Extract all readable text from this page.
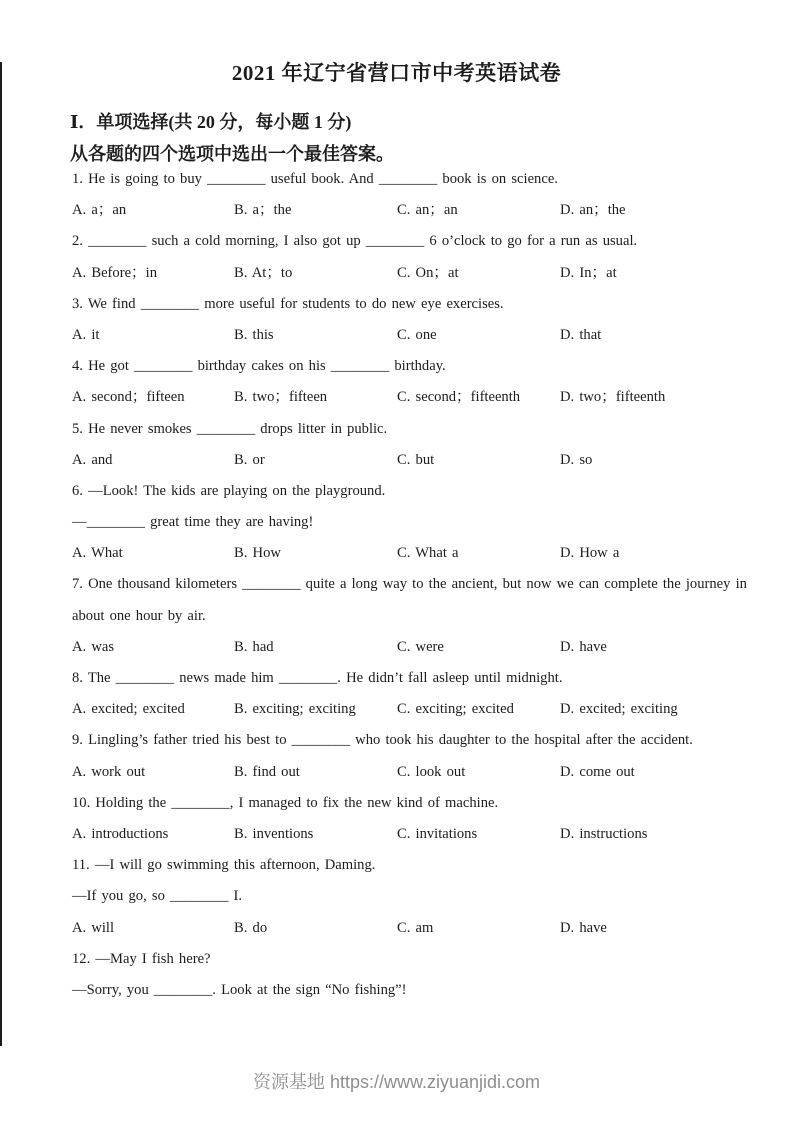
2021 年辽宁省营口市中考英语试卷
Ⅰ．单项选择(共 20 分，每小题 1 分)
从各题的四个选项中选出一个最佳答案。
1. He is going to buy ________ useful book. And ________ book is on science.
A. a；an	B. a；the	C. an；an	D. an；the
2. ________ such a cold morning, I also got up ________ 6 o’clock to go for a run as usual.
A. Before；in	B. At；to	C. On；at	D. In；at
3. We find ________ more useful for students to do new eye exercises.
A. it	B. this	C. one	D. that
4. He got ________ birthday cakes on his ________ birthday.
A. second；fifteen	B. two；fifteen	C. second；fifteenth	D. two；fifteenth
5. He never smokes ________ drops litter in public.
A. and	B. or	C. but	D. so
6. —Look! The kids are playing on the playground.
—________ great time they are having!
A. What	B. How	C. What a	D. How a
7. One thousand kilometers ________ quite a long way to the ancient, but now we can complete the journey in
about one hour by air.
A. was	B. had	C. were	D. have
8. The ________ news made him ________. He didn’t fall asleep until midnight.
A. excited; excited	B. exciting; exciting	C. exciting; excited	D. excited; exciting
9. Lingling’s father tried his best to ________ who took his daughter to the hospital after the accident.
A. work out	B. find out	C. look out	D. come out
10. Holding the ________, I managed to fix the new kind of machine.
A. introductions	B. inventions	C. invitations	D. instructions
11. —I will go swimming this afternoon, Daming.
—If you go, so ________ I.
A. will	B. do	C. am	D. have
12. —May I fish here?
—Sorry, you ________. Look at the sign “No fishing”!
资源基地 https://www.ziyuanjidi.com
